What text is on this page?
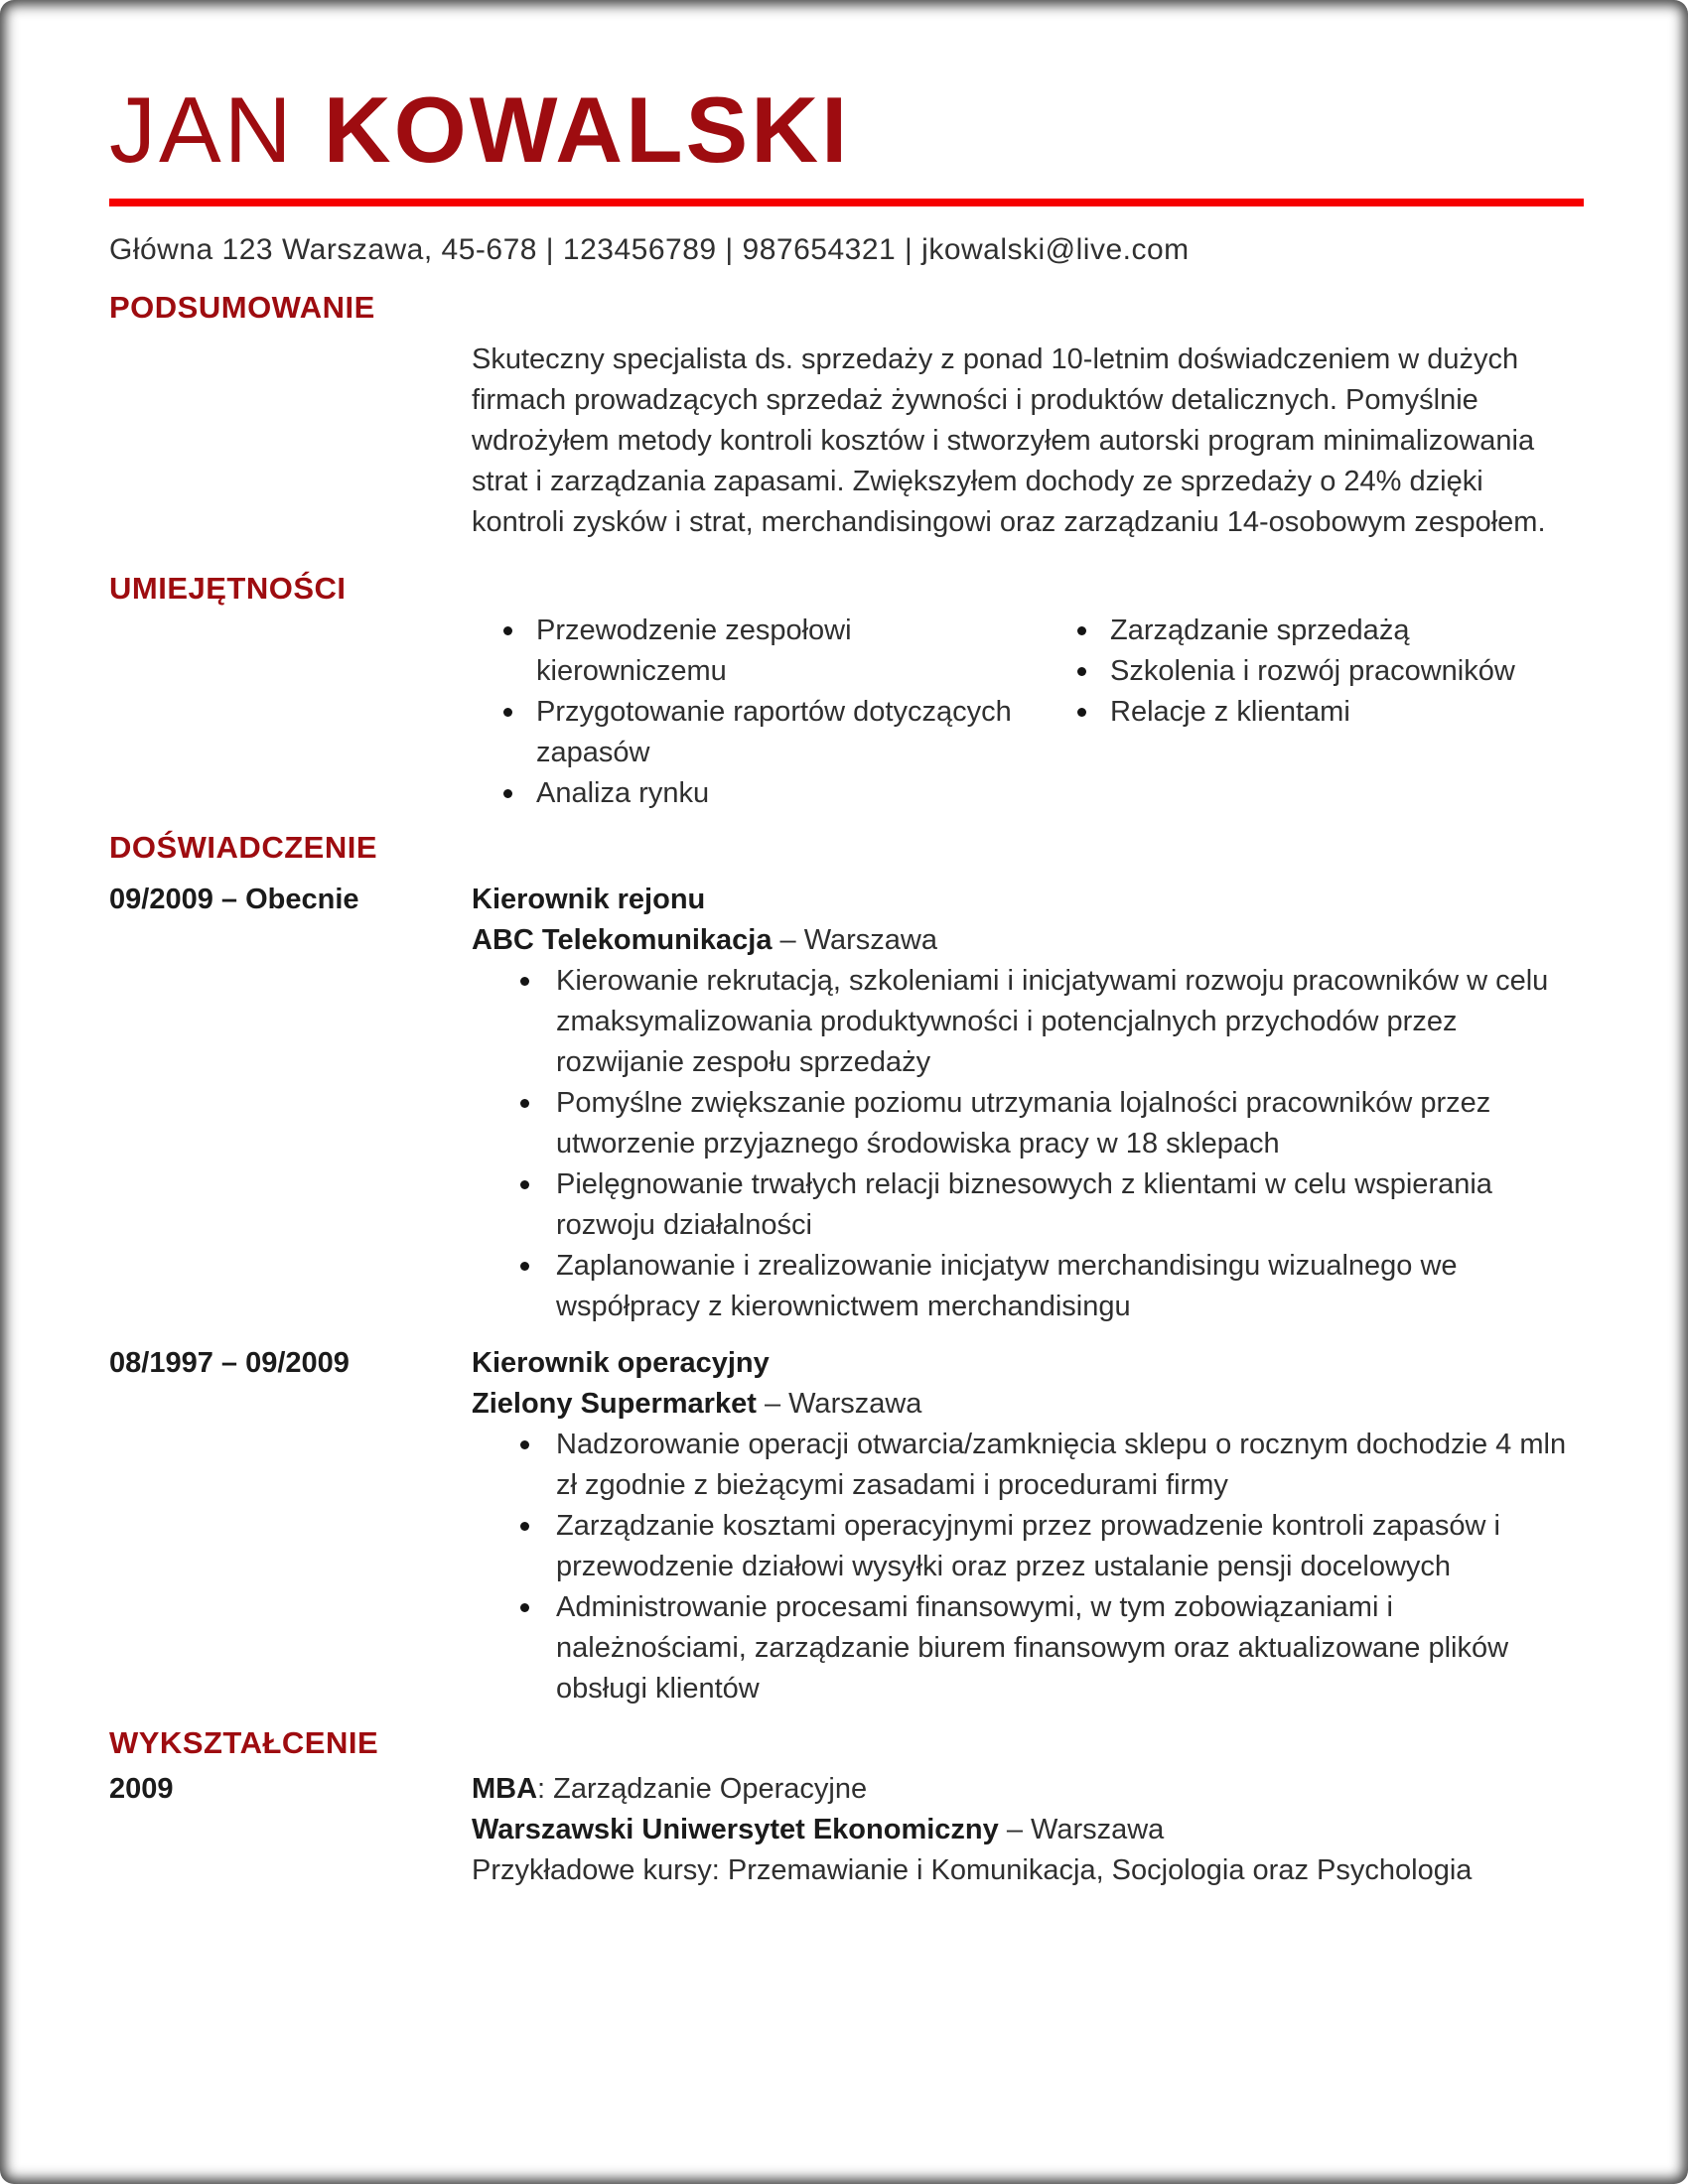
JAN KOWALSKI
Główna 123 Warszawa, 45-678 | 123456789 | 987654321 | jkowalski@live.com
PODSUMOWANIE
Skuteczny specjalista ds. sprzedaży z ponad 10-letnim doświadczeniem w dużych firmach prowadzących sprzedaż żywności i produktów detalicznych. Pomyślnie wdrożyłem metody kontroli kosztów i stworzyłem autorski program minimalizowania strat i zarządzania zapasami. Zwiększyłem dochody ze sprzedaży o 24% dzięki kontroli zysków i strat, merchandisingowi oraz zarządzaniu 14-osobowym zespołem.
UMIEJĘTNOŚCI
Przewodzenie zespołowi kierowniczemu
Przygotowanie raportów dotyczących zapasów
Analiza rynku
Zarządzanie sprzedażą
Szkolenia i rozwój pracowników
Relacje z klientami
DOŚWIADCZENIE
09/2009 – Obecnie	Kierownik rejonu
ABC Telekomunikacja – Warszawa
Kierowanie rekrutacją, szkoleniami i inicjatywami rozwoju pracowników w celu zmaksymalizowania produktywności i potencjalnych przychodów przez rozwijanie zespołu sprzedaży
Pomyślne zwiększanie poziomu utrzymania lojalności pracowników przez utworzenie przyjaznego środowiska pracy w 18 sklepach
Pielęgnowanie trwałych relacji biznesowych z klientami w celu wspierania rozwoju działalności
Zaplanowanie i zrealizowanie inicjatyw merchandisingu wizualnego we współpracy z kierownictwem merchandisingu
08/1997 – 09/2009	Kierownik operacyjny
Zielony Supermarket – Warszawa
Nadzorowanie operacji otwarcia/zamknięcia sklepu o rocznym dochodzie 4 mln zł zgodnie z bieżącymi zasadami i procedurami firmy
Zarządzanie kosztami operacyjnymi przez prowadzenie kontroli zapasów i przewodzenie działowi wysyłki oraz przez ustalanie pensji docelowych
Administrowanie procesami finansowymi, w tym zobowiązaniami i należnościami, zarządzanie biurem finansowym oraz aktualizowane plików obsługi klientów
WYKSZTAŁCENIE
2009	MBA: Zarządzanie Operacyjne
Warszawski Uniwersytet Ekonomiczny – Warszawa
Przykładowe kursy: Przemawianie i Komunikacja, Socjologia oraz Psychologia
